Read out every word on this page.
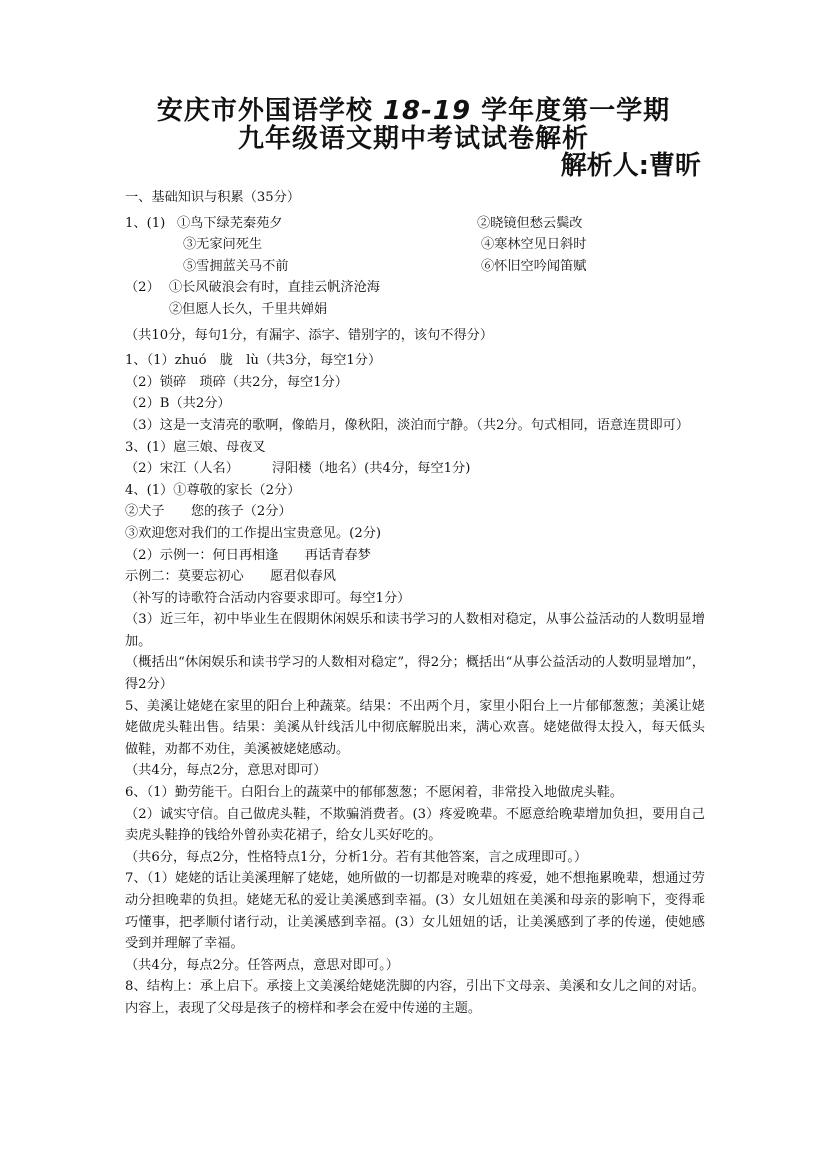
安庆市外国语学校 18-19 学年度第一学期
九年级语文期中考试试卷解析
解析人:曹昕
一、基础知识与积累（35分）
1、(1) ①鸟下绿芜秦苑夕	②晓镜但愁云鬓改
③无家问死生	④寒林空见日斜时
⑤雪拥蓝关马不前	⑥怀旧空吟闻笛赋
（2） ①长风破浪会有时，直挂云帆济沧海
②但愿人长久，千里共婵娟
（共10分，每句1分，有漏字、添字、错别字的，该句不得分）
1、（1）zhuó　胧　lù（共3分，每空1分）
（2）锁碎　琐碎（共2分，每空1分）
（2）B（共2分）
（3）这是一支清亮的歌啊，像皓月，像秋阳，淡泊而宁静。（共2分。句式相同，语意连贯即可）
3、(1）扈三娘、母夜叉
（2）宋江（人名）　　　浔阳楼（地名）(共4分，每空1分)
4、(1）①尊敬的家长（2分）
②犬子　　您的孩子（2分）
③欢迎您对我们的工作提出宝贵意见。(2分)
（2）示例一：何日再相逢　　再话青春梦
示例二：莫要忘初心　　愿君似春风
（补写的诗歌符合活动内容要求即可。每空1分）
（3）近三年，初中毕业生在假期休闲娱乐和读书学习的人数相对稳定，从事公益活动的人数明显增加。
（概括出“休闲娱乐和读书学习的人数相对稳定”，得2分；概括出“从事公益活动的人数明显增加”，得2分）
5、美溪让姥姥在家里的阳台上种蔬菜。结果：不出两个月，家里小阳台上一片郁郁葱葱；美溪让姥姥做虎头鞋出售。结果：美溪从针线活儿中彻底解脱出来，满心欢喜。姥姥做得太投入，每天低头做鞋，劝都不劝住，美溪被姥姥感动。
（共4分，每点2分，意思对即可）
6、（1）勤劳能干。白阳台上的蔬菜中的郁郁葱葱；不愿闲着，非常投入地做虎头鞋。
（2）诚实守信。自己做虎头鞋，不欺骗消费者。(3）疼爱晚辈。不愿意给晚辈增加负担，要用自己卖虎头鞋挣的钱给外曾孙卖花裙子，给女儿买好吃的。
（共6分，每点2分，性格特点1分，分析1分。若有其他答案，言之成理即可。）
7、（1）姥姥的话让美溪理解了姥姥，她所做的一切都是对晚辈的疼爱，她不想拖累晚辈，想通过劳动分担晚辈的负担。姥姥无私的爱让美溪感到幸福。(3）女儿妞妞在美溪和母亲的影响下，变得乖巧懂事，把孝顺付诸行动，让美溪感到幸福。(3）女儿妞妞的话，让美溪感到了孝的传递，使她感受到并理解了幸福。
（共4分，每点2分。任答两点，意思对即可。）
8、结构上：承上启下。承接上文美溪给姥姥洗脚的内容，引出下文母亲、美溪和女儿之间的对话。内容上，表现了父母是孩子的榜样和孝会在爱中传递的主题。
